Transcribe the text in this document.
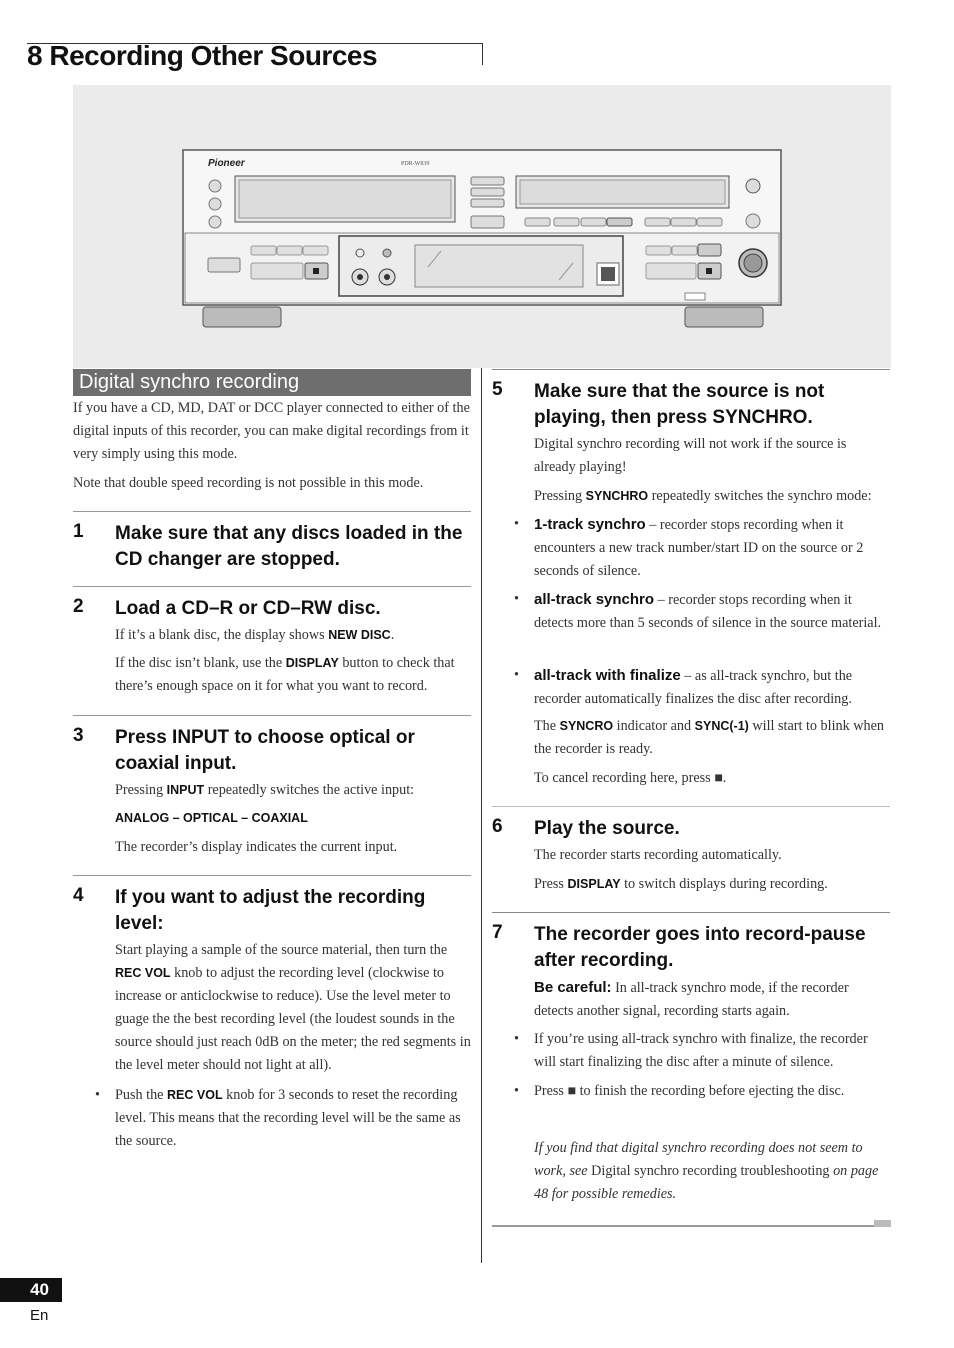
8 Recording Other Sources
Pioneer	PDR-W839
Digital synchro recording
If you have a CD, MD, DAT or DCC player connected to either of the digital inputs of this recorder, you can make digital recordings from it very simply using this mode.
Note that double speed recording is not possible in this mode.
1 Make sure that any discs loaded in the CD changer are stopped.
2 Load a CD–R or CD–RW disc.
If it’s a blank disc, the display shows NEW DISC.
If the disc isn’t blank, use the DISPLAY button to check that there’s enough space on it for what you want to record.
3 Press INPUT to choose optical or coaxial input.
Pressing INPUT repeatedly switches the active input:
ANALOG – OPTICAL – COAXIAL
The recorder’s display indicates the current input.
4 If you want to adjust the recording level:
Start playing a sample of the source material, then turn the REC VOL knob to adjust the recording level (clockwise to increase or anticlockwise to reduce). Use the level meter to guage the the best recording level (the loudest sounds in the source should just reach 0dB on the meter; the red segments in the level meter should not light at all).
• Push the REC VOL knob for 3 seconds to reset the recording level. This means that the recording level will be the same as the source.
5 Make sure that the source is not playing, then press SYNCHRO.
Digital synchro recording will not work if the source is already playing!
Pressing SYNCHRO repeatedly switches the synchro mode:
• 1-track synchro – recorder stops recording when it encounters a new track number/start ID on the source or 2 seconds of silence.
• all-track synchro – recorder stops recording when it detects more than 5 seconds of silence in the source material.
• all-track with finalize – as all-track synchro, but the recorder automatically finalizes the disc after recording.
The SYNCRO indicator and SYNC(-1) will start to blink when the recorder is ready.
To cancel recording here, press ■.
6 Play the source.
The recorder starts recording automatically.
Press DISPLAY to switch displays during recording.
7 The recorder goes into record-pause after recording.
Be careful: In all-track synchro mode, if the recorder detects another signal, recording starts again.
• If you’re using all-track synchro with finalize, the recorder will start finalizing the disc after a minute of silence.
• Press ■ to finish the recording before ejecting the disc.
If you find that digital synchro recording does not seem to work, see Digital synchro recording troubleshooting on page 48 for possible remedies.
40
En
